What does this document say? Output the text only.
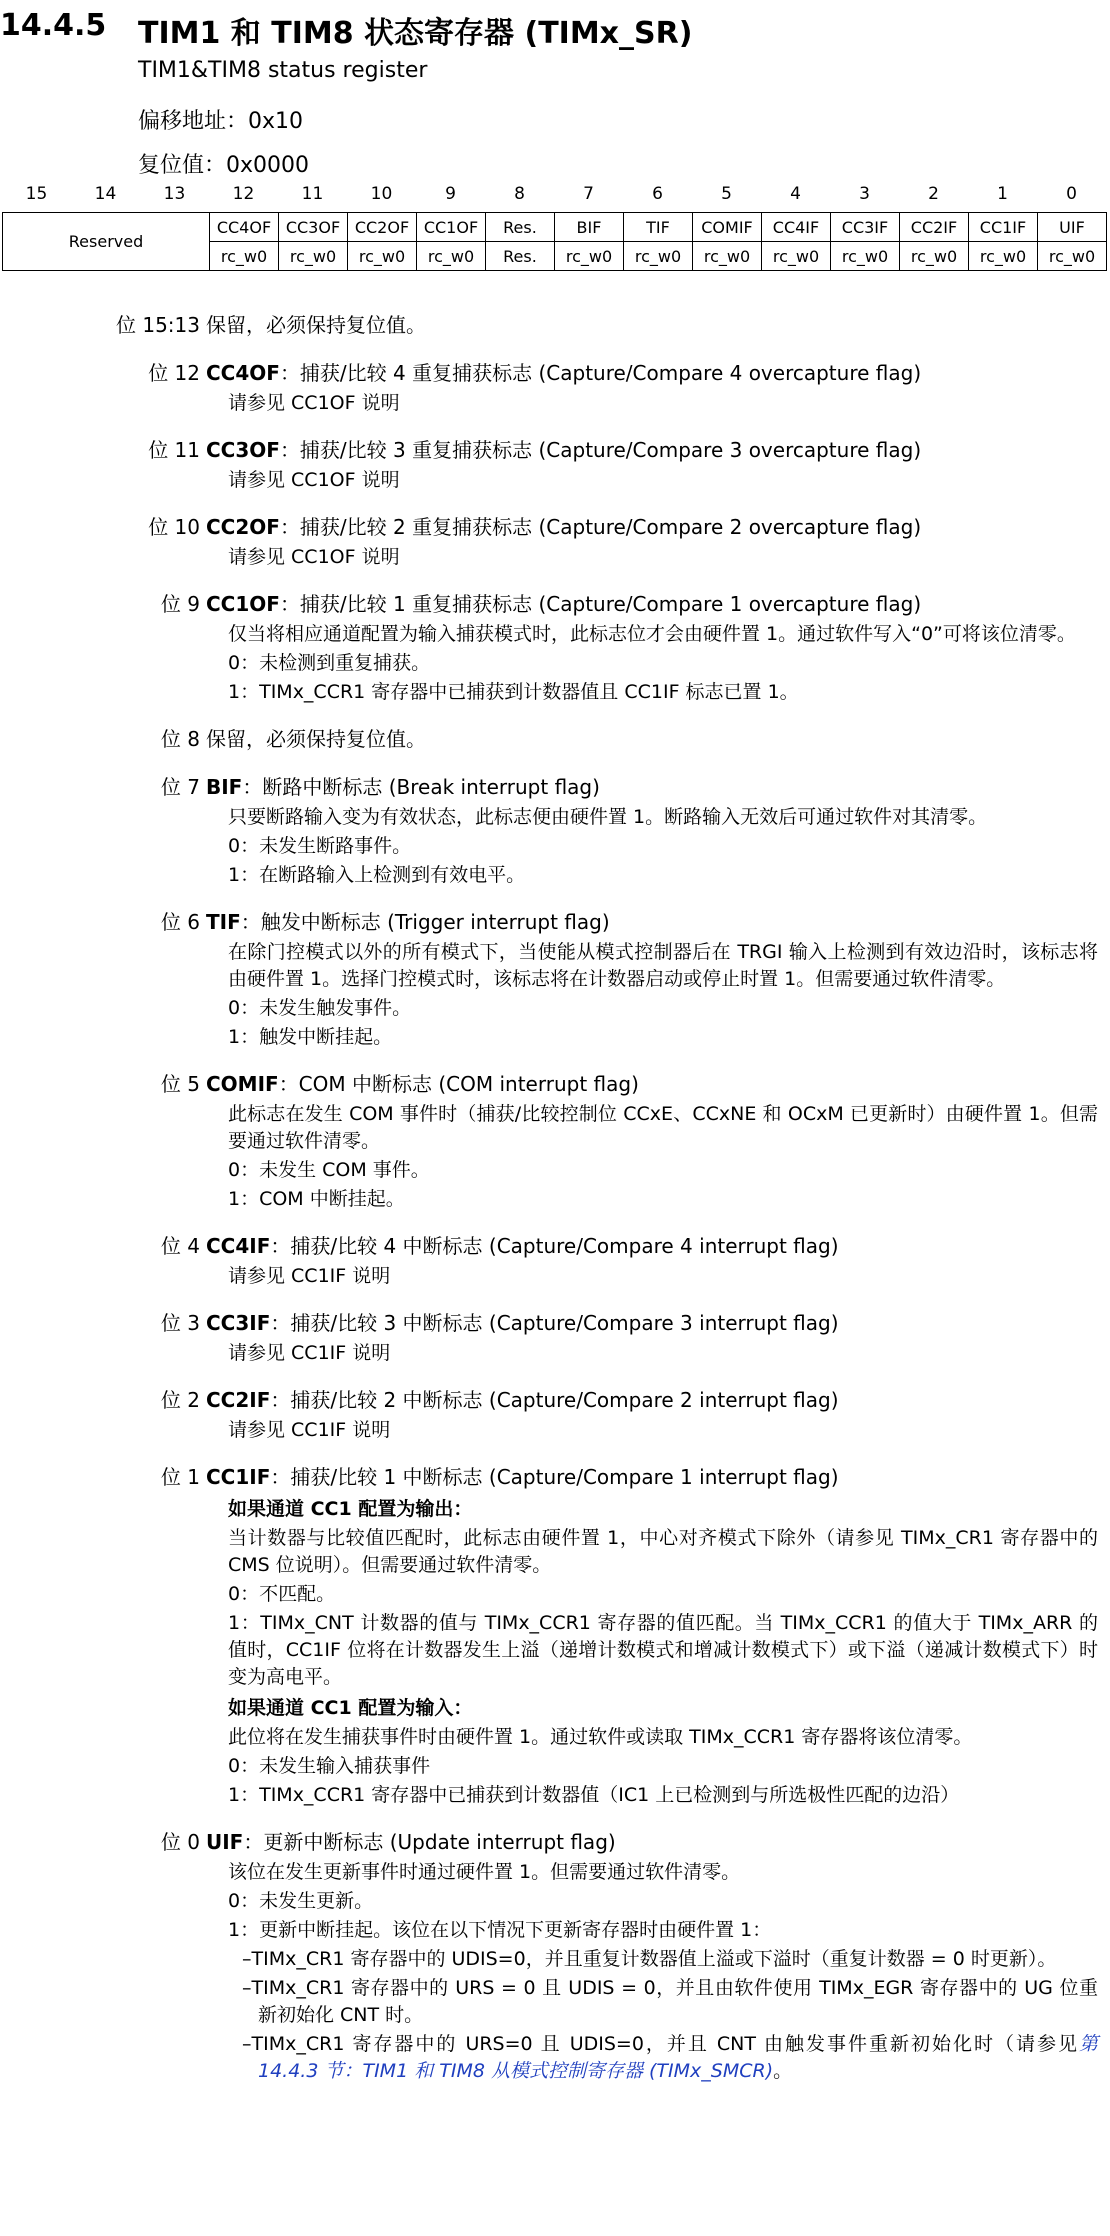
14.4.5 TIM1 和 TIM8 状态寄存器 (TIMx_SR)
TIM1&TIM8 status register
偏移地址：0x10
复位值：0x0000
15	14	13	12	11	10	9	8	7	6	5	4	3	2	1	0
Reserved	CC4OF	CC3OF	CC2OF	CC1OF	Res.	BIF	TIF	COMIF	CC4IF	CC3IF	CC2IF	CC1IF	UIF
	rc_w0	rc_w0	rc_w0	rc_w0	Res.	rc_w0	rc_w0	rc_w0	rc_w0	rc_w0	rc_w0	rc_w0	rc_w0
位 15:13 保留，必须保持复位值。
位 12 CC4OF：捕获/比较 4 重复捕获标志 (Capture/Compare 4 overcapture flag)

请参见 CC1OF 说明

位 11 CC3OF：捕获/比较 3 重复捕获标志 (Capture/Compare 3 overcapture flag)

请参见 CC1OF 说明

位 10 CC2OF：捕获/比较 2 重复捕获标志 (Capture/Compare 2 overcapture flag)

请参见 CC1OF 说明

位 9 CC1OF：捕获/比较 1 重复捕获标志 (Capture/Compare 1 overcapture flag)

仅当将相应通道配置为输入捕获模式时，此标志位才会由硬件置 1。通过软件写入“0”可将该位清零。

0：未检测到重复捕获。

1：TIMx_CCR1 寄存器中已捕获到计数器值且 CC1IF 标志已置 1。

位 8 保留，必须保持复位值。
位 7 BIF：断路中断标志 (Break interrupt flag)

只要断路输入变为有效状态，此标志便由硬件置 1。断路输入无效后可通过软件对其清零。

0：未发生断路事件。

1：在断路输入上检测到有效电平。

位 6 TIF：触发中断标志 (Trigger interrupt flag)

在除门控模式以外的所有模式下，当使能从模式控制器后在 TRGI 输入上检测到有效边沿时，该标志将由硬件置 1。选择门控模式时，该标志将在计数器启动或停止时置 1。但需要通过软件清零。

0：未发生触发事件。

1：触发中断挂起。

位 5 COMIF：COM 中断标志 (COM interrupt flag)

此标志在发生 COM 事件时（捕获/比较控制位 CCxE、CCxNE 和 OCxM 已更新时）由硬件置 1。但需要通过软件清零。

0：未发生 COM 事件。

1：COM 中断挂起。

位 4 CC4IF：捕获/比较 4 中断标志 (Capture/Compare 4 interrupt flag)

请参见 CC1IF 说明

位 3 CC3IF：捕获/比较 3 中断标志 (Capture/Compare 3 interrupt flag)

请参见 CC1IF 说明

位 2 CC2IF：捕获/比较 2 中断标志 (Capture/Compare 2 interrupt flag)

请参见 CC1IF 说明

位 1 CC1IF：捕获/比较 1 中断标志 (Capture/Compare 1 interrupt flag)

如果通道 CC1 配置为输出：

当计数器与比较值匹配时，此标志由硬件置 1，中心对齐模式下除外（请参见 TIMx_CR1 寄存器中的 CMS 位说明）。但需要通过软件清零。

0：不匹配。

1：TIMx_CNT 计数器的值与 TIMx_CCR1 寄存器的值匹配。当 TIMx_CCR1 的值大于 TIMx_ARR 的值时，CC1IF 位将在计数器发生上溢（递增计数模式和增减计数模式下）或下溢（递减计数模式下）时变为高电平。

如果通道 CC1 配置为输入：

此位将在发生捕获事件时由硬件置 1。通过软件或读取 TIMx_CCR1 寄存器将该位清零。

0：未发生输入捕获事件

1：TIMx_CCR1 寄存器中已捕获到计数器值（IC1 上已检测到与所选极性匹配的边沿）

位 0 UIF：更新中断标志 (Update interrupt flag)

该位在发生更新事件时通过硬件置 1。但需要通过软件清零。

0：未发生更新。

1：更新中断挂起。该位在以下情况下更新寄存器时由硬件置 1：

–TIMx_CR1 寄存器中的 UDIS=0，并且重复计数器值上溢或下溢时（重复计数器 = 0 时更新）。

–TIMx_CR1 寄存器中的 URS = 0 且 UDIS = 0，并且由软件使用 TIMx_EGR 寄存器中的 UG 位重新初始化 CNT 时。

–TIMx_CR1 寄存器中的 URS=0 且 UDIS=0，并且 CNT 由触发事件重新初始化时（请参见第 14.4.3 节：TIM1 和 TIM8 从模式控制寄存器 (TIMx_SMCR)。
